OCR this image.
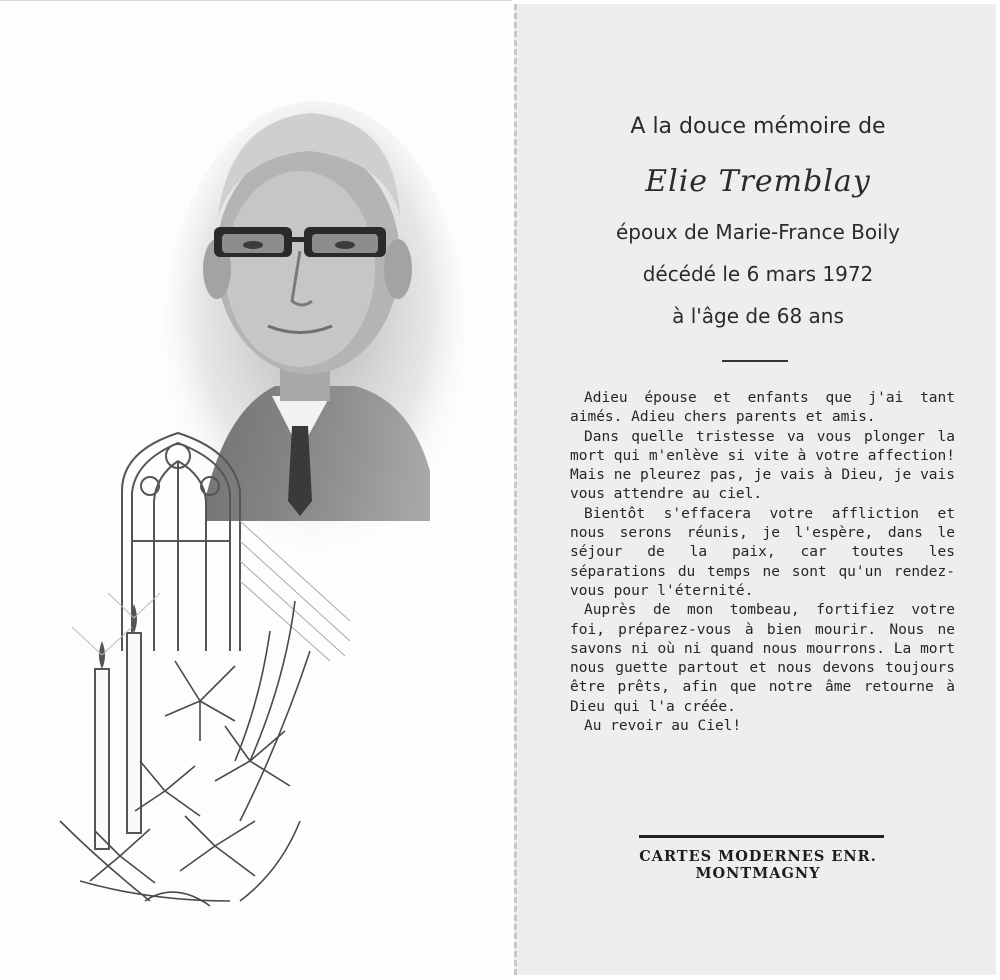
A la douce mémoire de
Elie Tremblay
époux de Marie-France Boily
décédé le 6 mars 1972
à l'âge de 68 ans

Adieu épouse et enfants que j'ai tant aimés. Adieu chers parents et amis.

Dans quelle tristesse va vous plonger la mort qui m'enlève si vite à votre affection! Mais ne pleurez pas, je vais à Dieu, je vais vous attendre au ciel.

Bientôt s'effacera votre affliction et nous serons réunis, je l'espère, dans le séjour de la paix, car toutes les séparations du temps ne sont qu'un rendez-vous pour l'éternité.

Auprès de mon tombeau, fortifiez votre foi, préparez-vous à bien mourir. Nous ne savons ni où ni quand nous mourrons. La mort nous guette partout et nous devons toujours être prêts, afin que notre âme retourne à Dieu qui l'a créée.

Au revoir au Ciel!

CARTES MODERNES ENR.
MONTMAGNY
